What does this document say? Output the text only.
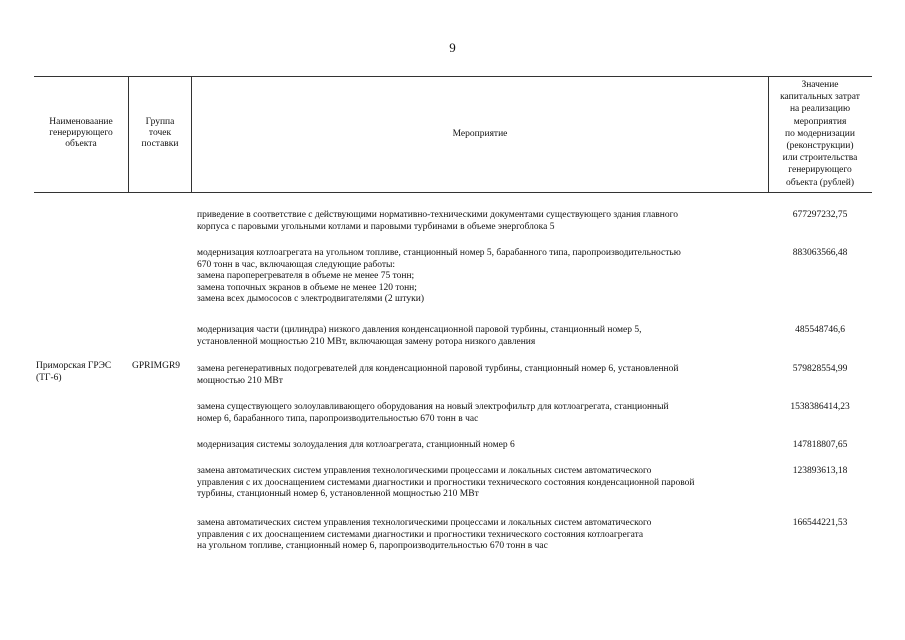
9
Наименоваание
генерирующего
объекта
Группа
точек
поставки
Мероприятие
Значение
капитальных затрат
на реализацию
мероприятия
по модернизации
(реконструкции)
или строительства
генерирующего
объекта (рублей)
Приморская ГРЭС
(ТГ-6)
GPRIMGR9
приведение в соответствие с действующими нормативно-техническими документами существующего здания главного
корпуса с паровыми угольными котлами и паровыми турбинами в объеме энергоблока 5
677297232,75
модернизация котлоагрегата на угольном топливе, станционный номер 5, барабанного типа, паропроизводительностью
670 тонн в час, включающая следующие работы:
замена пароперегревателя в объеме не менее 75 тонн;
замена топочных экранов в объеме не менее 120 тонн;
замена всех дымососов с электродвигателями (2 штуки)
883063566,48
модернизация части (цилиндра) низкого давления конденсационной паровой турбины, станционный номер 5,
установленной мощностью 210 МВт, включающая замену ротора низкого давления
485548746,6
замена регенеративных подогревателей для конденсационной паровой турбины, станционный номер 6, установленной
мощностью 210 МВт
579828554,99
замена существующего золоулавливающего оборудования на новый электрофильтр для котлоагрегата, станционный
номер 6, барабанного типа, паропроизводительностью 670 тонн в час
1538386414,23
модернизация системы золоудаления для котлоагрегата, станционный номер 6	147818807,65
замена автоматических систем управления технологическими процессами и локальных систем автоматического
управления с их дооснащением системами диагностики и прогностики технического состояния конденсационной паровой
турбины, станционный номер 6, установленной мощностью 210 МВт
123893613,18
замена автоматических систем управления технологическими процессами и локальных систем автоматического
управления с их дооснащением системами диагностики и прогностики технического состояния котлоагрегата
на угольном топливе, станционный номер 6, паропроизводительностью 670 тонн в час
166544221,53
